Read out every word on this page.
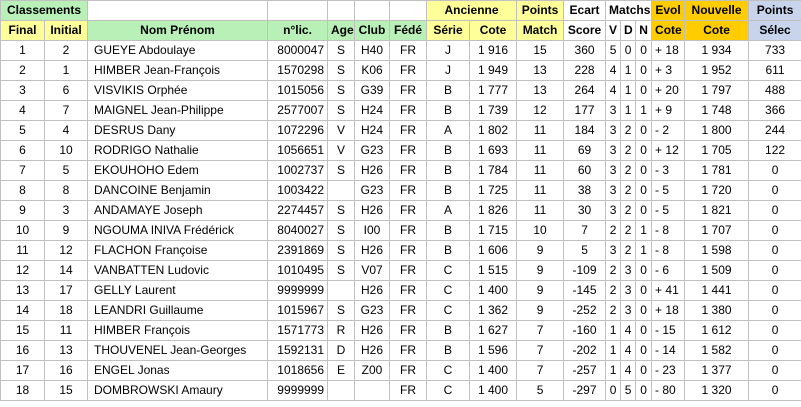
Classements							Ancienne		Points	Ecart	Matchs			Evol	Nouvelle	Points
Final	Initial	Nom Prénom	n°lic.	Age	Club	Fédé	Série	Cote	Match	Score	V	D	N	Cote	Cote	Sélec
1	2	GUEYE Abdoulaye	8000047	S	H40	FR	J	1 916	15	360	5	0	0	+ 18	1 934	733
2	1	HIMBER Jean-François	1570298	S	K06	FR	J	1 949	13	228	4	1	0	+ 3	1 952	611
3	6	VISVIKIS Orphée	1015056	S	G39	FR	B	1 777	13	264	4	1	0	+ 20	1 797	488
4	7	MAIGNEL Jean-Philippe	2577007	S	H24	FR	B	1 739	12	177	3	1	1	+ 9	1 748	366
5	4	DESRUS Dany	1072296	V	H24	FR	A	1 802	11	184	3	2	0	- 2	1 800	244
6	10	RODRIGO Nathalie	1056651	V	G23	FR	B	1 693	11	69	3	2	0	+ 12	1 705	122
7	5	EKOUHOHO Edem	1002737	S	H26	FR	B	1 784	11	60	3	2	0	- 3	1 781	0
8	8	DANCOINE Benjamin	1003422		G23	FR	B	1 725	11	38	3	2	0	- 5	1 720	0
9	3	ANDAMAYE Joseph	2274457	S	H26	FR	A	1 826	11	30	3	2	0	- 5	1 821	0
10	9	NGOUMA INIVA Frédérick	8040027	S	I00	FR	B	1 715	10	7	2	2	1	- 8	1 707	0
11	12	FLACHON Françoise	2391869	S	H26	FR	B	1 606	9	5	3	2	1	- 8	1 598	0
12	14	VANBATTEN Ludovic	1010495	S	V07	FR	C	1 515	9	-109	2	3	0	- 6	1 509	0
13	17	GELLY Laurent	9999999		H26	FR	C	1 400	9	-145	2	3	0	+ 41	1 441	0
14	18	LEANDRI Guillaume	1015967	S	G23	FR	C	1 362	9	-252	2	3	0	+ 18	1 380	0
15	11	HIMBER François	1571773	R	H26	FR	B	1 627	7	-160	1	4	0	- 15	1 612	0
16	13	THOUVENEL Jean-Georges	1592131	D	H26	FR	B	1 596	7	-202	1	4	0	- 14	1 582	0
17	16	ENGEL Jonas	1018656	E	Z00	FR	C	1 400	7	-257	1	4	0	- 23	1 377	0
18	15	DOMBROWSKI Amaury	9999999			FR	C	1 400	5	-297	0	5	0	- 80	1 320	0
